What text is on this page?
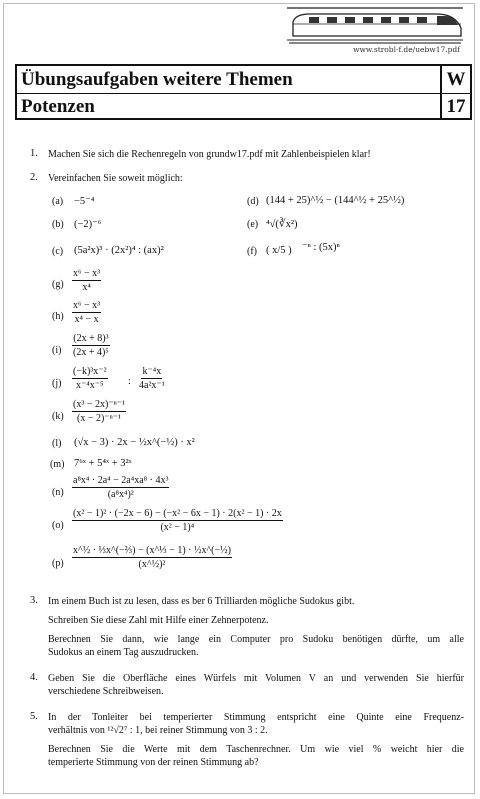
www.strobl-f.de/uebw17.pdf
Übungsaufgaben weitere Themen	W
Potenzen	17
1. Machen Sie sich die Rechenregeln von grundw17.pdf mit Zahlenbeispielen klar!
2. Vereinfachen Sie soweit möglich:
(a) −5⁻⁴	(d) (144 + 25)^½ − (144^½ + 25^½)
(b) (−2)⁻⁶	(e) ⁴√(∛x²)
(c) (5a²x)³ · (2x²)⁴ : (ax)²	(f) ( x/5 ) ⁻ⁿ : (5x)ⁿ
$(g) \frac{\text{x⁶ − x³}}{\text{x⁴}}$
$(h) \frac{\text{x⁶ − x³}}{\text{x⁴ − x}}$
$(i) \frac{\text{(2x + 8)³}}{\text{(2x + 4)⁵}}$
$(j) \frac{\text{(−k)³x⁻²}}{\text{x⁻⁴x⁻⁵}}$ : $\frac{\text{k⁻⁴x}}{\text{4a²x⁻¹}}$
$(k) \frac{\text{(x³ − 2x)⁻ⁿ⁻¹}}{\text{(x − 2)⁻ⁿ⁻¹}}$
(l) (√x − 3) · 2x − ½x^(−½) · x²
(m) 7⁶ˣ + 5⁴ˣ + 3²ˣ
$(n) \frac{\text{a⁸x⁴ · 2a⁴ − 2a⁴xa⁸ · 4x³}}{\text{(a⁸x⁴)²}}$
$(o) \frac{\text{(x² − 1)² · (−2x − 6) − (−x² − 6x − 1) · 2(x² − 1) · 2x}}{\text{(x² − 1)⁴}}$
$(p) \frac{\text{x\textasciicircum{}½ · ⅓x\textasciicircum{}(−⅔) − (x\textasciicircum{}⅓ − 1) · ½x\textasciicircum{}(−½)}}{\text{(x\textasciicircum{}½)²}}$
3. Im einem Buch ist zu lesen, dass es ber 6 Trilliarden mögliche Sudokus gibt.
Schreiben Sie diese Zahl mit Hilfe einer Zehnerpotenz.
Berechnen Sie dann, wie lange ein Computer pro Sudoku benötigen dürfte, um alle
Sudokus an einem Tag auszudrucken.
4. Geben Sie die Oberfläche eines Würfels mit Volumen V an und verwenden Sie hierfür
verschiedene Schreibweisen.
5. In der Tonleiter bei temperierter Stimmung entspricht eine Quinte eine Frequenz-
verhältnis von ¹²√2⁷ : 1, bei reiner Stimmung von 3 : 2.
Berechnen Sie die Werte mit dem Taschenrechner. Um wie viel % weicht hier die
temperierte Stimmung von der reinen Stimmung ab?
